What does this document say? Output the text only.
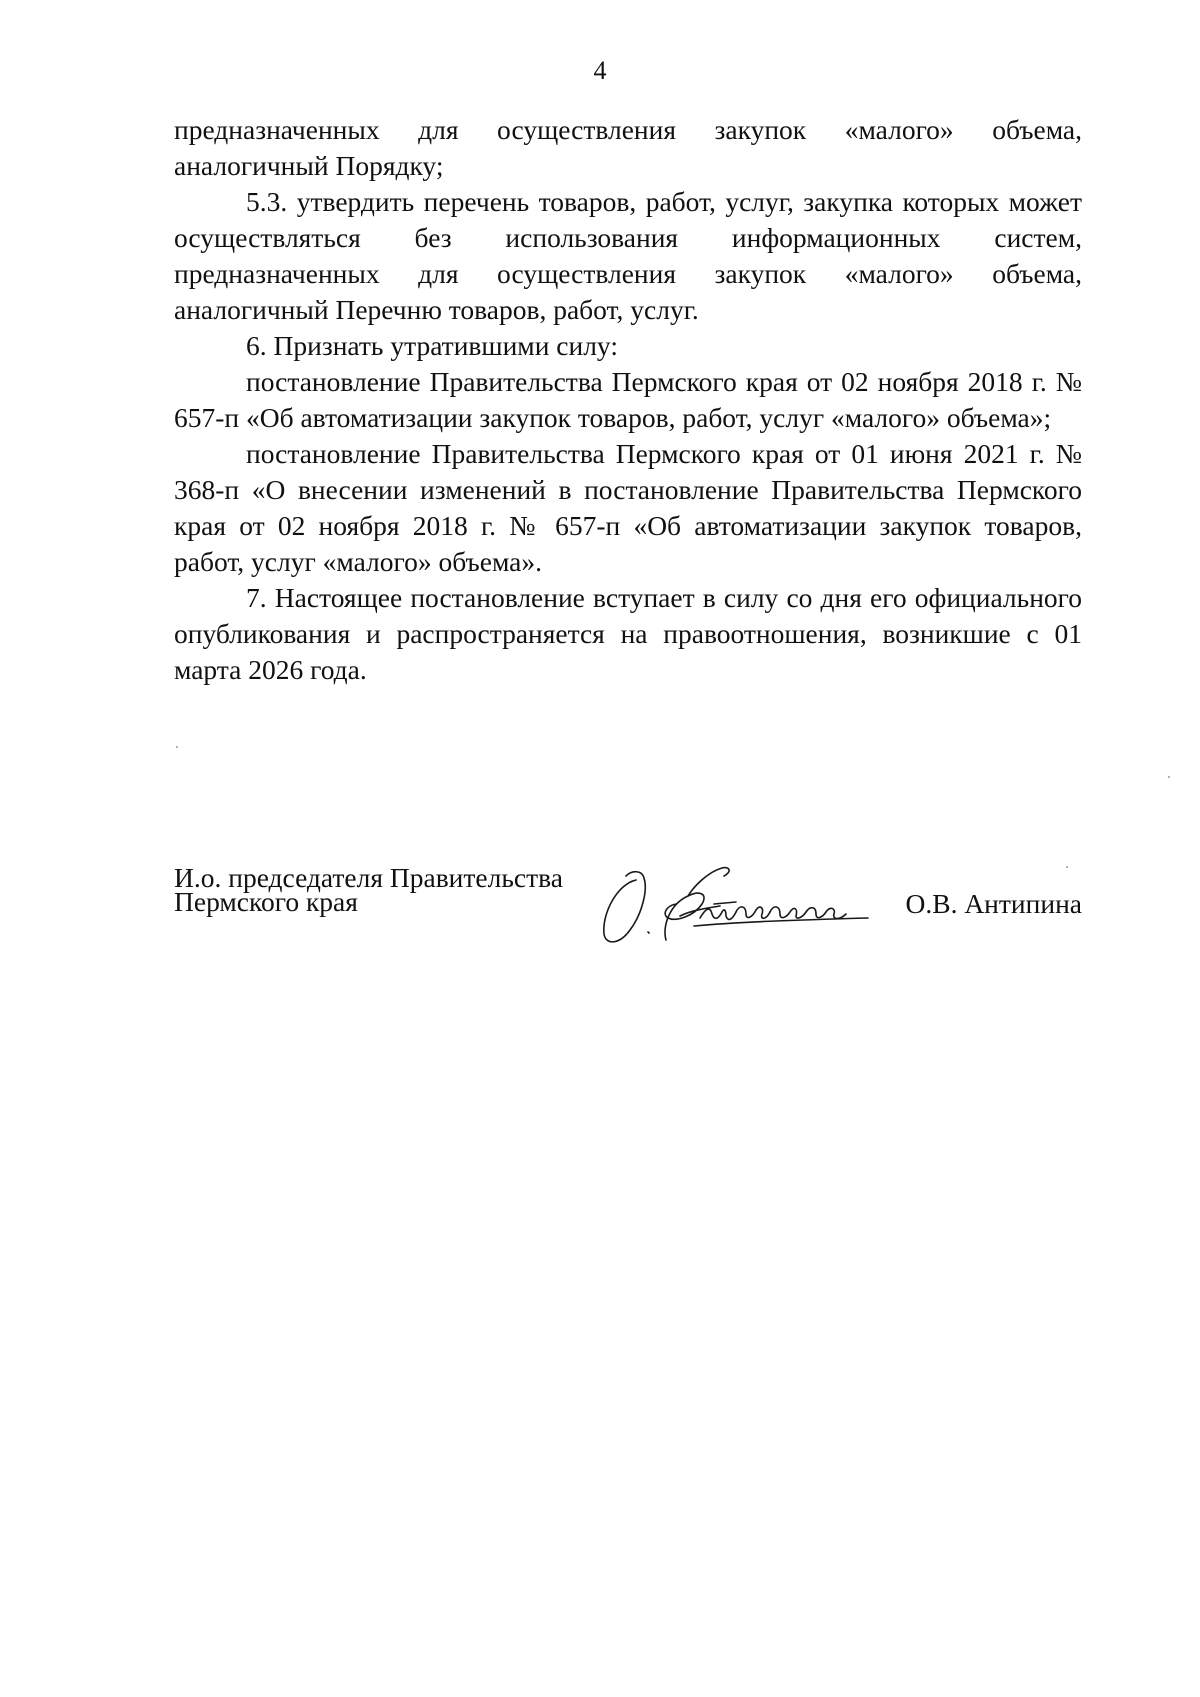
4

предназначенных для осуществления закупок «малого» объема, аналогичный Порядку;

5.3. утвердить перечень товаров, работ, услуг, закупка которых может осуществляться без использования информационных систем, предназначенных для осуществления закупок «малого» объема, аналогичный Перечню товаров, работ, услуг.

6. Признать утратившими силу:

постановление Правительства Пермского края от 02 ноября 2018 г. № 657-п «Об автоматизации закупок товаров, работ, услуг «малого» объема»;

постановление Правительства Пермского края от 01 июня 2021 г. № 368-п «О внесении изменений в постановление Правительства Пермского края от 02 ноября 2018 г. № 657-п «Об автоматизации закупок товаров, работ, услуг «малого» объема».

7. Настоящее постановление вступает в силу со дня его официального опубликования и распространяется на правоотношения, возникшие с 01 марта 2026 года.

И.о. председателя Правительства
Пермского края	О.В. Антипина
